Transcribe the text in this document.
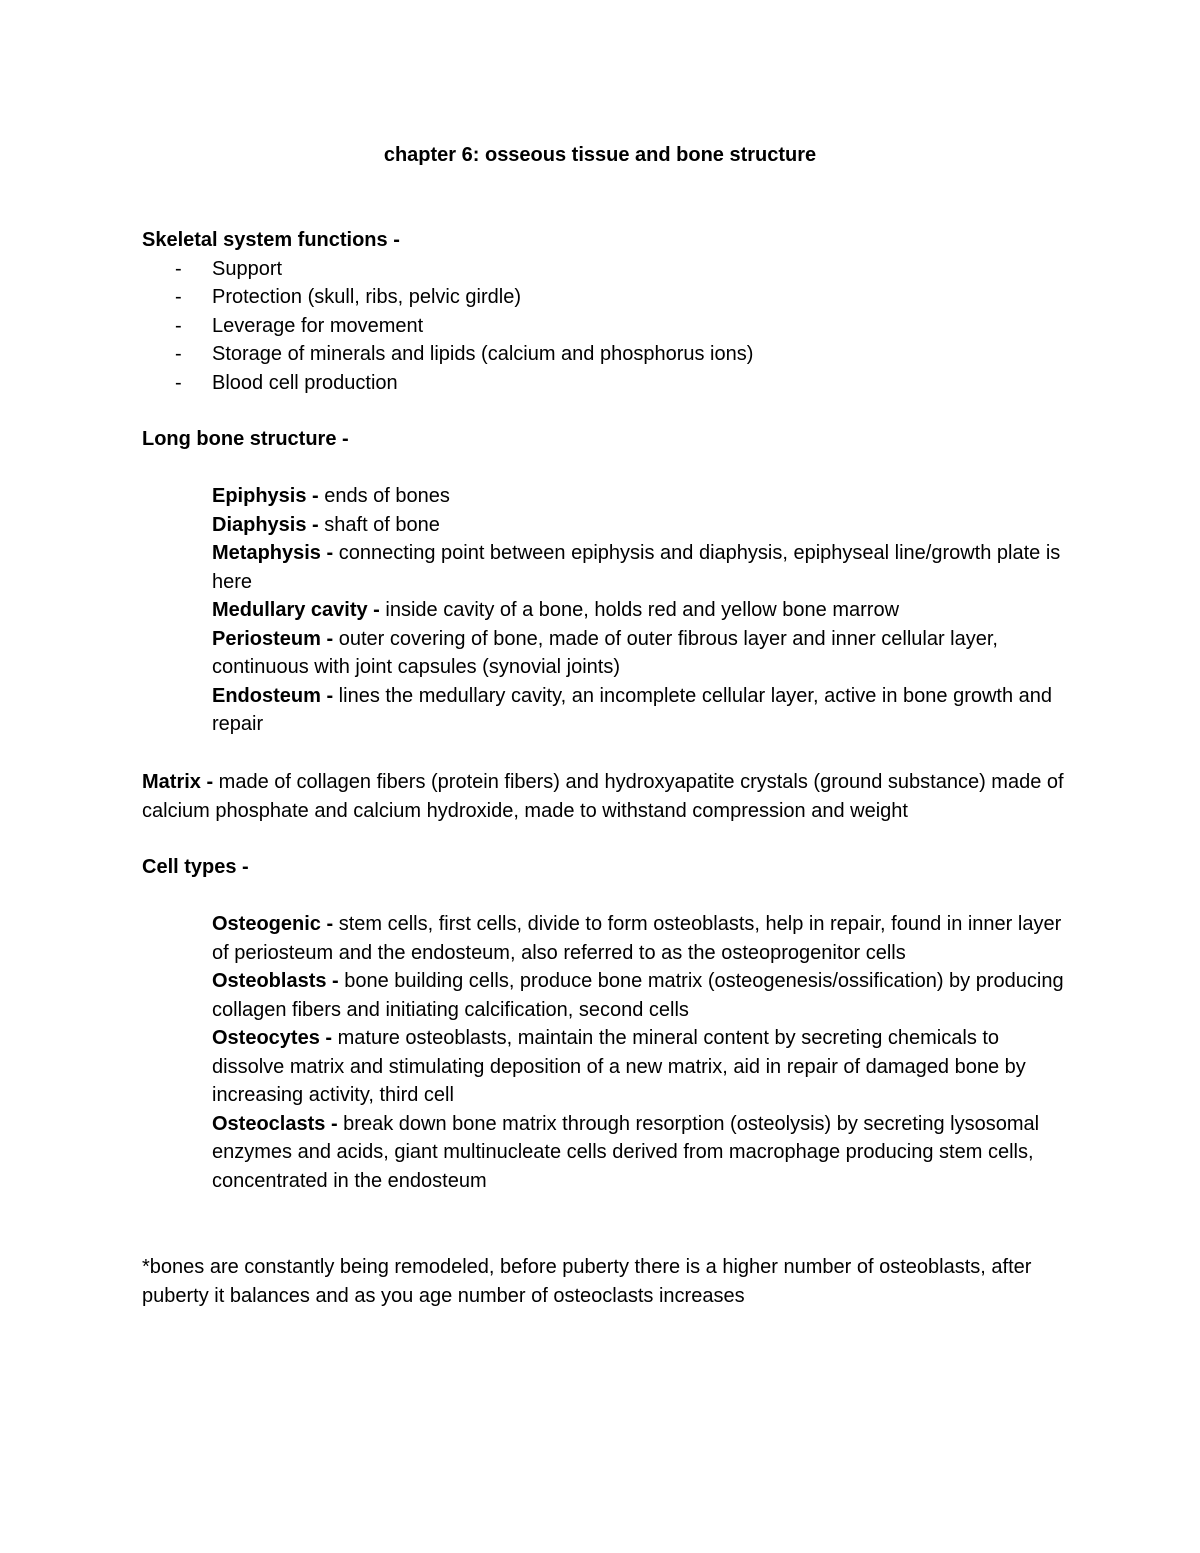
chapter 6: osseous tissue and bone structure
Skeletal system functions -
- Support
- Protection (skull, ribs, pelvic girdle)
- Leverage for movement
- Storage of minerals and lipids (calcium and phosphorus ions)
- Blood cell production
Long bone structure -

Epiphysis - ends of bones

Diaphysis - shaft of bone

Metaphysis - connecting point between epiphysis and diaphysis, epiphyseal line/growth plate is here

Medullary cavity - inside cavity of a bone, holds red and yellow bone marrow

Periosteum - outer covering of bone, made of outer fibrous layer and inner cellular layer, continuous with joint capsules (synovial joints)

Endosteum - lines the medullary cavity, an incomplete cellular layer, active in bone growth and repair

Matrix - made of collagen fibers (protein fibers) and hydroxyapatite crystals (ground substance) made of calcium phosphate and calcium hydroxide, made to withstand compression and weight

Cell types -

Osteogenic - stem cells, first cells, divide to form osteoblasts, help in repair, found in inner layer of periosteum and the endosteum, also referred to as the osteoprogenitor cells

Osteoblasts - bone building cells, produce bone matrix (osteogenesis/ossification) by producing collagen fibers and initiating calcification, second cells

Osteocytes - mature osteoblasts, maintain the mineral content by secreting chemicals to dissolve matrix and stimulating deposition of a new matrix, aid in repair of damaged bone by increasing activity, third cell

Osteoclasts - break down bone matrix through resorption (osteolysis) by secreting lysosomal enzymes and acids, giant multinucleate cells derived from macrophage producing stem cells, concentrated in the endosteum

*bones are constantly being remodeled, before puberty there is a higher number of osteoblasts, after puberty it balances and as you age number of osteoclasts increases
